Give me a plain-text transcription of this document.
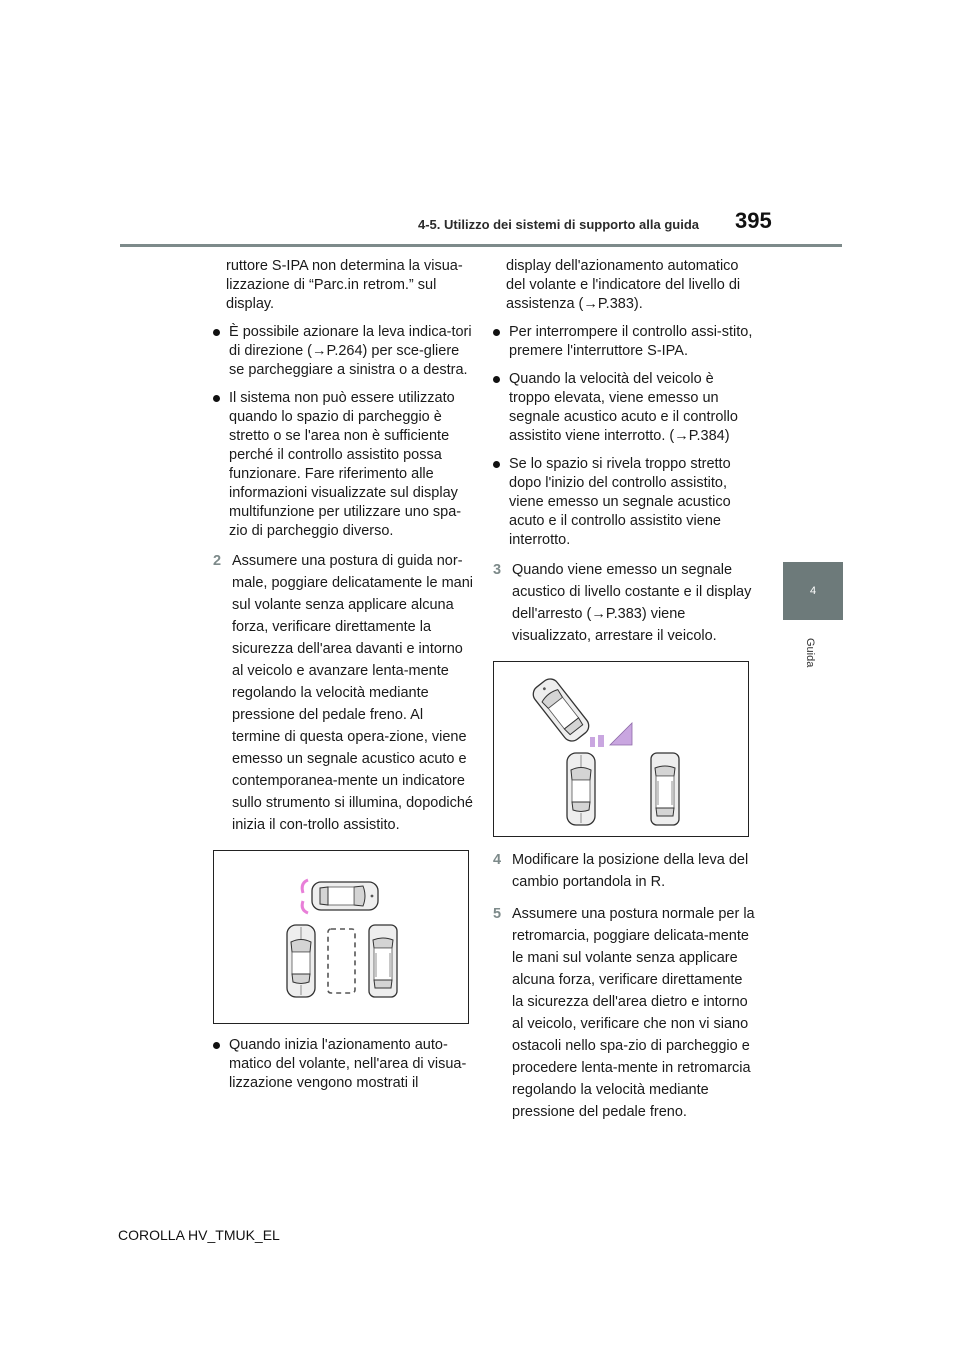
4-5. Utilizzo dei sistemi di supporto alla guida 395
4
Guida

ruttore S-IPA non determina la visua-lizzazione di “Parc.in retrom.” sul display.

È possibile azionare la leva indica-tori di direzione (→P.264) per sce-gliere se parcheggiare a sinistra o a destra.

Il sistema non può essere utilizzato quando lo spazio di parcheggio è stretto o se l'area non è sufficiente perché il controllo assistito possa funzionare. Fare riferimento alle informazioni visualizzate sul display multifunzione per utilizzare uno spa-zio di parcheggio diverso.

2 Assumere una postura di guida nor-male, poggiare delicatamente le mani sul volante senza applicare alcuna forza, verificare direttamente la sicurezza dell'area davanti e intorno al veicolo e avanzare lenta-mente regolando la velocità mediante pressione del pedale freno. Al termine di questa opera-zione, viene emesso un segnale acustico acuto e contemporanea-mente un indicatore sullo strumento si illumina, dopodiché inizia il con-trollo assistito.

Quando inizia l'azionamento auto-matico del volante, nell'area di visua-lizzazione vengono mostrati il

display dell'azionamento automatico del volante e l'indicatore del livello di assistenza (→P.383).

Per interrompere il controllo assi-stito, premere l'interruttore S-IPA.

Quando la velocità del veicolo è troppo elevata, viene emesso un segnale acustico acuto e il controllo assistito viene interrotto. (→P.384)

Se lo spazio si rivela troppo stretto dopo l'inizio del controllo assistito, viene emesso un segnale acustico acuto e il controllo assistito viene interrotto.

3 Quando viene emesso un segnale acustico di livello costante e il display dell'arresto (→P.383) viene visualizzato, arrestare il veicolo.
4 Modificare la posizione della leva del cambio portandola in R.
5 Assumere una postura normale per la retromarcia, poggiare delicata-mente le mani sul volante senza applicare alcuna forza, verificare direttamente la sicurezza dell'area dietro e intorno al veicolo, verificare che non vi siano ostacoli nello spa-zio di parcheggio e procedere lenta-mente in retromarcia regolando la velocità mediante pressione del pedale freno.
COROLLA HV_TMUK_EL
